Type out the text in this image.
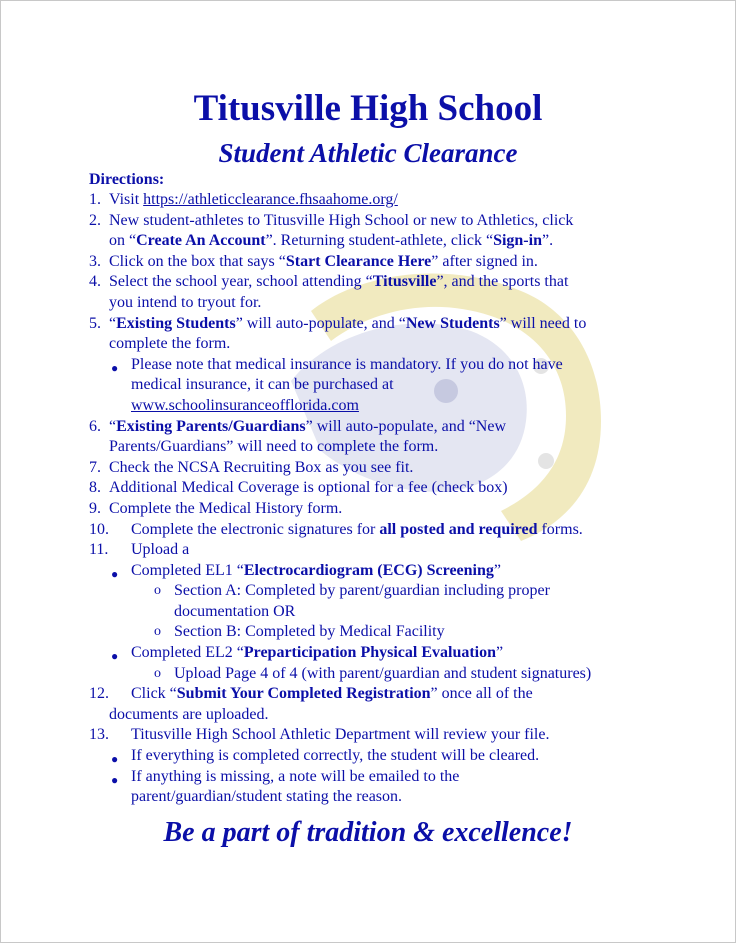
Titusville High School
Student Athletic Clearance
Directions:
1. Visit https://athleticclearance.fhsaahome.org/
2. New student-athletes to Titusville High School or new to Athletics, click
on “Create An Account”. Returning student-athlete, click “Sign-in”.
3. Click on the box that says “Start Clearance Here” after signed in.
4. Select the school year, school attending “Titusville”, and the sports that
you intend to tryout for.
5. “Existing Students” will auto-populate, and “New Students” will need to
complete the form.
● Please note that medical insurance is mandatory. If you do not have
medical insurance, it can be purchased at
www.schoolinsuranceofflorida.com
6. “Existing Parents/Guardians” will auto-populate, and “New
Parents/Guardians” will need to complete the form.
7. Check the NCSA Recruiting Box as you see fit.
8. Additional Medical Coverage is optional for a fee (check box)
9. Complete the Medical History form.
10. Complete the electronic signatures for all posted and required forms.
11. Upload a
● Completed EL1 “Electrocardiogram (ECG) Screening”
o Section A: Completed by parent/guardian including proper
documentation OR
o Section B: Completed by Medical Facility
● Completed EL2 “Preparticipation Physical Evaluation”
o Upload Page 4 of 4 (with parent/guardian and student signatures)
12. Click “Submit Your Completed Registration” once all of the
documents are uploaded.
13. Titusville High School Athletic Department will review your file.
● If everything is completed correctly, the student will be cleared.
● If anything is missing, a note will be emailed to the
parent/guardian/student stating the reason.
Be a part of tradition & excellence!
